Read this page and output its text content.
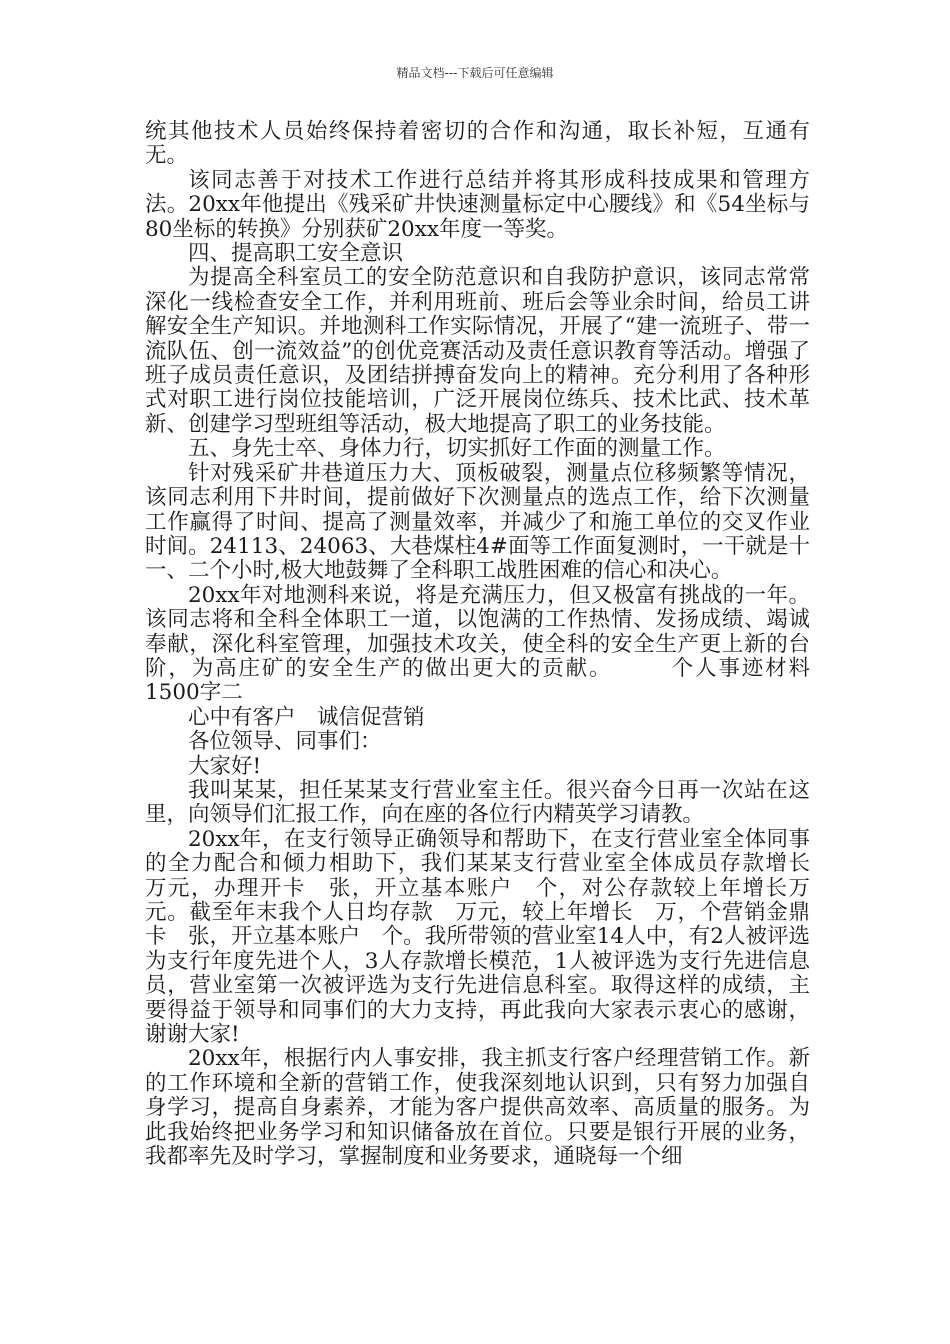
精品文档---下载后可任意编辑

统其他技术人员始终保持着密切的合作和沟通，取长补短，互通有无。

该同志善于对技术工作进行总结并将其形成科技成果和管理方法。20xx年他提出《残采矿井快速测量标定中心腰线》和《54坐标与80坐标的转换》分别获矿20xx年度一等奖。

四、提高职工安全意识

为提高全科室员工的安全防范意识和自我防护意识，该同志常常深化一线检查安全工作，并利用班前、班后会等业余时间，给员工讲解安全生产知识。并地测科工作实际情况，开展了“建一流班子、带一流队伍、创一流效益”的创优竞赛活动及责任意识教育等活动。增强了班子成员责任意识，及团结拼搏奋发向上的精神。充分利用了各种形式对职工进行岗位技能培训，广泛开展岗位练兵、技术比武、技术革新、创建学习型班组等活动，极大地提高了职工的业务技能。

五、身先士卒、身体力行，切实抓好工作面的测量工作。

针对残采矿井巷道压力大、顶板破裂，测量点位移频繁等情况，该同志利用下井时间，提前做好下次测量点的选点工作，给下次测量工作赢得了时间、提高了测量效率，并减少了和施工单位的交叉作业时间。24113、24063、大巷煤柱4#面等工作面复测时，一干就是十一、二个小时,极大地鼓舞了全科职工战胜困难的信心和决心。

20xx年对地测科来说，将是充满压力，但又极富有挑战的一年。该同志将和全科全体职工一道，以饱满的工作热情、发扬成绩、竭诚奉献，深化科室管理，加强技术攻关，使全科的安全生产更上新的台阶，为高庄矿的安全生产的做出更大的贡献。　　　个人事迹材料1500字二

心中有客户　诚信促营销

各位领导、同事们：

大家好!

我叫某某，担任某某支行营业室主任。很兴奋今日再一次站在这里，向领导们汇报工作，向在座的各位行内精英学习请教。

20xx年，在支行领导正确领导和帮助下，在支行营业室全体同事的全力配合和倾力相助下，我们某某支行营业室全体成员存款增长　万元，办理开卡　张，开立基本账户　个，对公存款较上年增长万元。截至年末我个人日均存款　万元，较上年增长　万，个营销金鼎卡　张，开立基本账户　个。我所带领的营业室14人中，有2人被评选为支行年度先进个人，3人存款增长模范，1人被评选为支行先进信息员，营业室第一次被评选为支行先进信息科室。取得这样的成绩，主要得益于领导和同事们的大力支持，再此我向大家表示衷心的感谢，谢谢大家!

20xx年，根据行内人事安排，我主抓支行客户经理营销工作。新的工作环境和全新的营销工作，使我深刻地认识到，只有努力加强自身学习，提高自身素养，才能为客户提供高效率、高质量的服务。为此我始终把业务学习和知识储备放在首位。只要是银行开展的业务，我都率先及时学习，掌握制度和业务要求，通晓每一个细
